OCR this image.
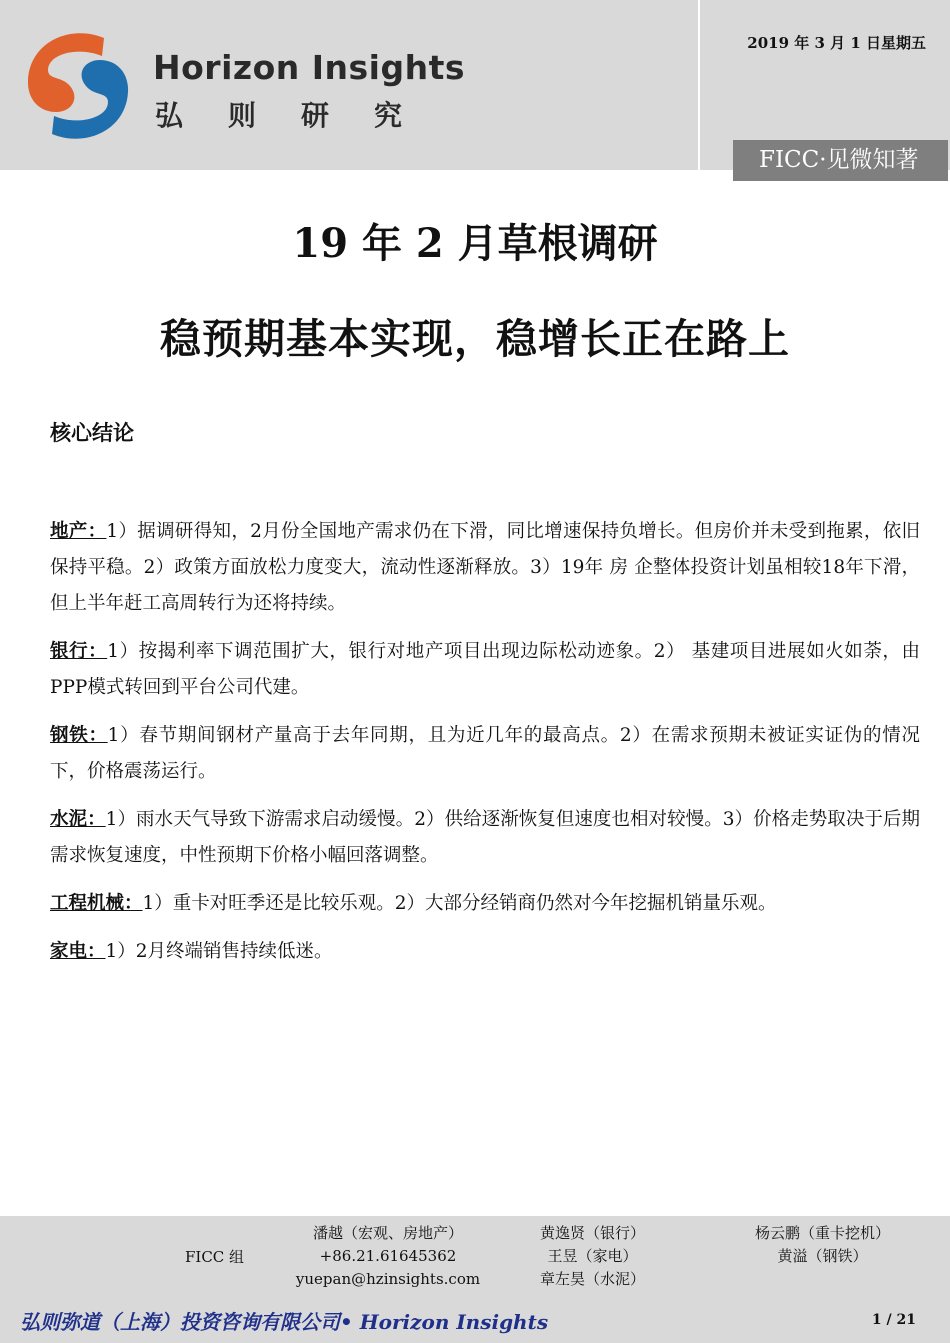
Horizon Insights
弘则研究
2019 年 3 月 1 日星期五
FICC·见微知著
19 年 2 月草根调研
稳预期基本实现，稳增长正在路上
核心结论

地产：1）据调研得知，2月份全国地产需求仍在下滑，同比增速保持负增长。但房价并未受到拖累，依旧保持平稳。2）政策方面放松力度变大，流动性逐渐释放。3）19年 房 企整体投资计划虽相较18年下滑，但上半年赶工高周转行为还将持续。

银行：1）按揭利率下调范围扩大，银行对地产项目出现边际松动迹象。2） 基建项目进展如火如荼，由PPP模式转回到平台公司代建。

钢铁：1）春节期间钢材产量高于去年同期，且为近几年的最高点。2）在需求预期未被证实证伪的情况下，价格震荡运行。

水泥：1）雨水天气导致下游需求启动缓慢。2）供给逐渐恢复但速度也相对较慢。3）价格走势取决于后期需求恢复速度，中性预期下价格小幅回落调整。

工程机械：1）重卡对旺季还是比较乐观。2）大部分经销商仍然对今年挖掘机销量乐观。

家电：1）2月终端销售持续低迷。

FICC 组
潘越（宏观、房地产）
+86.21.61645362
yuepan@hzinsights.com
黄逸贤（银行）
王昱（家电）
章左昊（水泥）
杨云鹏（重卡挖机）
黄溢（钢铁）
弘则弥道（上海）投资咨询有限公司• Horizon Insights	1 / 21
